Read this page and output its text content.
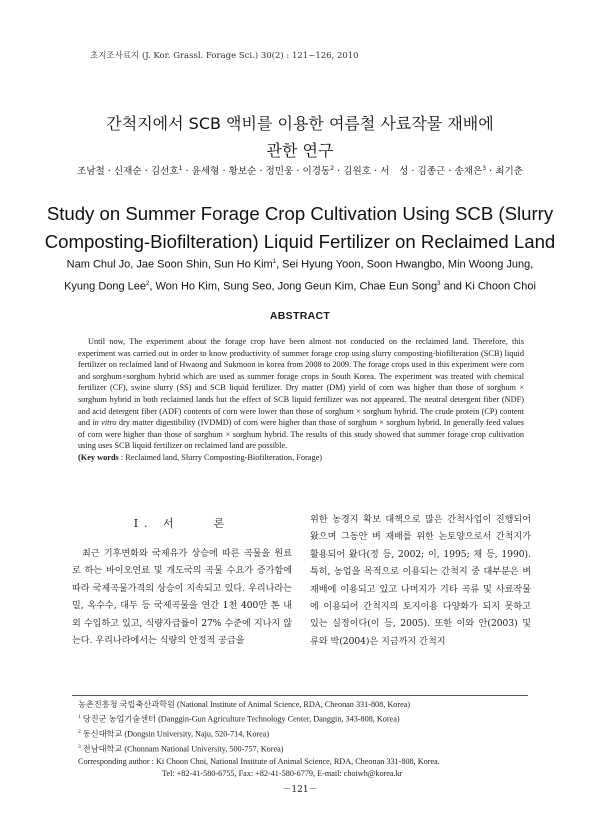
초지조사료지 (J. Kor. Grassl. Forage Sci.) 30(2) : 121~126, 2010
간척지에서 SCB 액비를 이용한 여름철 사료작물 재배에
관한 연구
조남철 · 신재순 · 김선호$^1$ · 윤세형 · 황보순 · 정민웅 · 이경동$^2$ · 김원호 · 서　성 · 김종근 · 송채은$^3$ · 최기춘
Study on Summer Forage Crop Cultivation Using SCB (Slurry
Composting-Biofilteration) Liquid Fertilizer on Reclaimed Land
Nam Chul Jo, Jae Soon Shin, Sun Ho Kim$^1$, Sei Hyung Yoon, Soon Hwangbo, Min Woong Jung,
Kyung Dong Lee$^2$, Won Ho Kim, Sung Seo, Jong Geun Kim, Chae Eun Song$^3$ and Ki Choon Choi
ABSTRACT

Until now, The experiment about the forage crop have been almost not conducted on the reclaimed land. Therefore, this experiment was carried out in order to know productivity of summer forage crop using slurry composting-biofilteration (SCB) liquid fertilizer on reclaimed land of Hwaong and Sukmoon in korea from 2008 to 2009. The forage crops used in this experiment were corn and sorghum×sorghum hybrid which are used as summer forage crops in South Korea. The experiment was treated with chemical fertilizer (CF), swine slurry (SS) and SCB liquid fertilizer. Dry matter (DM) yield of corn was higher than those of sorghum × sorghum hybrid in both reclaimed lands but the effect of SCB liquid fertilizer was not appeared. The neutral detergent fiber (NDF) and acid detergent fiber (ADF) contents of corn were lower than those of sorghum × sorghum hybrid. The crude protein (CP) content and in vitro dry matter digestibility (IVDMD) of corn were higher than those of sorghum × sorghum hybrid. In generally feed values of corn were higher than those of sorghum × sorghum hybrid. The results of this study showed that summer forage crop cultivation using uses SCB liquid fertilizer on reclaimed land are possible.

(Key words : Reclaimed land, Slurry Composting-Biofilteration, Forage)
Ⅰ. 서　　론

최근 기후변화와 국제유가 상승에 따른 곡물을 원료로 하는 바이오연료 및 개도국의 곡물 수요가 증가함에 따라 국제곡물가격의 상승이 지속되고 있다. 우리나라는 밀, 옥수수, 대두 등 국제곡물을 연간 1천 400만 톤 내외 수입하고 있고, 식량자급률이 27% 수준에 지나지 않는다. 우리나라에서는 식량의 안정적 공급을

위한 농경지 확보 대책으로 많은 간척사업이 진행되어 왔으며 그동안 벼 재배를 위한 논토양으로서 간척지가 활용되어 왔다(정 등, 2002; 이, 1995; 채 등, 1990). 특히, 농업을 목적으로 이용되는 간척지 중 대부분은 벼 재배에 이용되고 있고 나머지가 기타 곡류 및 사료작물에 이용되어 간척지의 토지이용 다양화가 되지 못하고 있는 실정이다(이 등, 2005). 또한 이와 안(2003) 및 류와 박(2004)은 지금까지 간척지

농촌진흥청 국립축산과학원 (National Institute of Animal Science, RDA, Cheonan 331-808, Korea)
$^1$ 당진군 농업기술센터 (Danggin-Gun Agriculture Technology Center, Danggin, 343-808, Korea)
$^2$ 동신대학교 (Dongsin University, Naju, 520-714, Korea)
$^3$ 전남대학교 (Chonnam National University, 500-757, Korea)
Corresponding author : Ki Choon Choi, National Institute of Animal Science, RDA, Cheonan 331-808, Korea.
Tel: +82-41-580-6755, Fax: +82-41-580-6779, E-mail: choiwh@korea.kr
－121－
